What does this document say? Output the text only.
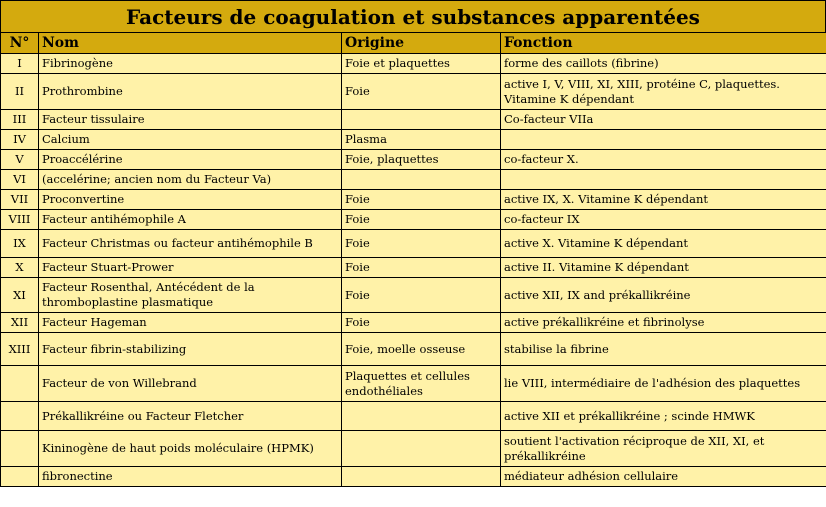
Facteurs de coagulation et substances apparentées
N°	Nom	Origine	Fonction
I	Fibrinogène	Foie et plaquettes	forme des caillots (fibrine)
II	Prothrombine	Foie	active I, V, VIII, XI, XIII, protéine C, plaquettes. Vitamine K dépendant
III	Facteur tissulaire		Co-facteur VIIa
IV	Calcium	Plasma	
V	Proaccélérine	Foie, plaquettes	co-facteur X.
VI	(accelérine; ancien nom du Facteur Va)		
VII	Proconvertine	Foie	active IX, X. Vitamine K dépendant
VIII	Facteur antihémophile A	Foie	co-facteur IX
IX	Facteur Christmas ou facteur antihémophile B	Foie	active X. Vitamine K dépendant
X	Facteur Stuart-Prower	Foie	active II. Vitamine K dépendant
XI	Facteur Rosenthal, Antécédent de la thromboplastine plasmatique	Foie	active XII, IX and prékallikréine
XII	Facteur Hageman	Foie	active prékallikréine et fibrinolyse
XIII	Facteur fibrin-stabilizing	Foie, moelle osseuse	stabilise la fibrine
	Facteur de von Willebrand	Plaquettes et cellules endothéliales	lie VIII, intermédiaire de l'adhésion des plaquettes
	Prékallikréine ou Facteur Fletcher		active XII et prékallikréine ; scinde HMWK
	Kininogène de haut poids moléculaire (HPMK)		soutient l'activation réciproque de XII, XI, et prékallikréine
	fibronectine		médiateur adhésion cellulaire
